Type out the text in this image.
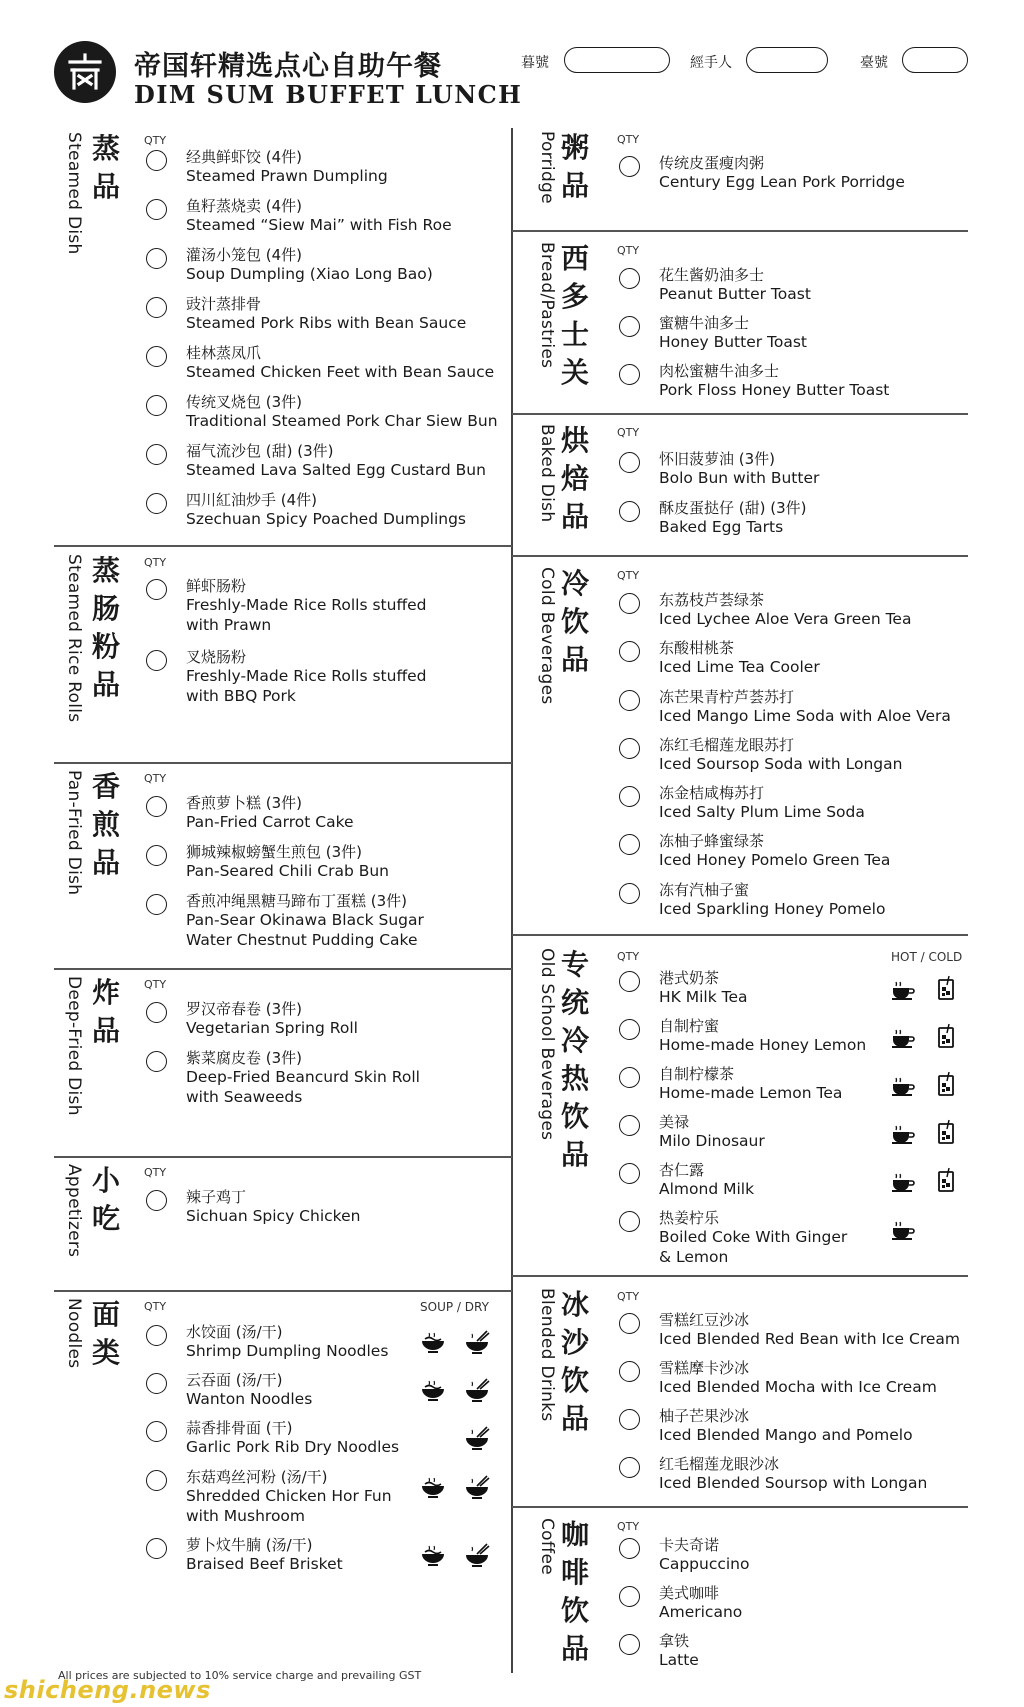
帝国轩精选点心自助午餐
DIM SUM BUFFET LUNCH
暮號	經手人	臺號
Steamed Dish 蒸
品
QTY
经典鲜虾饺 (4件)
Steamed Prawn Dumpling
鱼籽蒸烧卖 (4件)
Steamed “Siew Mai” with Fish Roe
灌汤小笼包 (4件)
Soup Dumpling (Xiao Long Bao)
豉汁蒸排骨
Steamed Pork Ribs with Bean Sauce
桂林蒸凤爪
Steamed Chicken Feet with Bean Sauce
传统叉烧包 (3件)
Traditional Steamed Pork Char Siew Bun
福气流沙包 (甜) (3件)
Steamed Lava Salted Egg Custard Bun
四川紅油炒手 (4件)
Szechuan Spicy Poached Dumplings
Steamed Rice Rolls 蒸
肠
粉
品
QTY
鲜虾肠粉
Freshly-Made Rice Rolls stuffed
with Prawn
叉烧肠粉
Freshly-Made Rice Rolls stuffed
with BBQ Pork
Pan-Fried Dish 香
煎
品
QTY
香煎萝卜糕 (3件)
Pan-Fried Carrot Cake
狮城辣椒螃蟹生煎包 (3件)
Pan-Seared Chili Crab Bun
香煎冲绳黑糖马蹄布丁蛋糕 (3件)
Pan-Sear Okinawa Black Sugar
Water Chestnut Pudding Cake
Deep-Fried Dish 炸
品
QTY
罗汉帝春卷 (3件)
Vegetarian Spring Roll
紫菜腐皮卷 (3件)
Deep-Fried Beancurd Skin Roll
with Seaweeds
Appetizers 小
吃
QTY
辣子鸡丁
Sichuan Spicy Chicken
Noodles 面
类
QTY	SOUP / DRY
水饺面 (汤/干)
Shrimp Dumpling Noodles
云吞面 (汤/干)
Wanton Noodles
蒜香排骨面 (干)
Garlic Pork Rib Dry Noodles
东菇鸡丝河粉 (汤/干)
Shredded Chicken Hor Fun
with Mushroom
萝卜炆牛腩 (汤/干)
Braised Beef Brisket
Porridge 粥
品
QTY
传统皮蛋瘦肉粥
Century Egg Lean Pork Porridge
Bread/Pastries 西
多
士
关
QTY
花生酱奶油多士
Peanut Butter Toast
蜜糖牛油多士
Honey Butter Toast
肉松蜜糖牛油多士
Pork Floss Honey Butter Toast
Baked Dish 烘
焙
品
QTY
怀旧菠萝油 (3件)
Bolo Bun with Butter
酥皮蛋挞仔 (甜) (3件)
Baked Egg Tarts
Cold Beverages 冷
饮
品
QTY
东荔枝芦荟绿茶
Iced Lychee Aloe Vera Green Tea
东酸柑桃茶
Iced Lime Tea Cooler
冻芒果青柠芦荟苏打
Iced Mango Lime Soda with Aloe Vera
冻红毛榴莲龙眼苏打
Iced Soursop Soda with Longan
冻金桔咸梅苏打
Iced Salty Plum Lime Soda
冻柚子蜂蜜绿茶
Iced Honey Pomelo Green Tea
冻有汽柚子蜜
Iced Sparkling Honey Pomelo
Old School Beverages 专
统
冷
热
饮
品
QTY	HOT / COLD
港式奶茶
HK Milk Tea
自制柠蜜
Home-made Honey Lemon
自制柠檬茶
Home-made Lemon Tea
美禄
Milo Dinosaur
杏仁露
Almond Milk
热姜柠乐
Boiled Coke With Ginger
& Lemon
Blended Drinks 冰
沙
饮
品
QTY
雪糕红豆沙冰
Iced Blended Red Bean with Ice Cream
雪糕摩卡沙冰
Iced Blended Mocha with Ice Cream
柚子芒果沙冰
Iced Blended Mango and Pomelo
红毛榴莲龙眼沙冰
Iced Blended Soursop with Longan
Coffee 咖
啡
饮
品
QTY
卡夫奇诺
Cappuccino
美式咖啡
Americano
拿铁
Latte
All prices are subjected to 10% service charge and prevailing GST
shicheng.news
